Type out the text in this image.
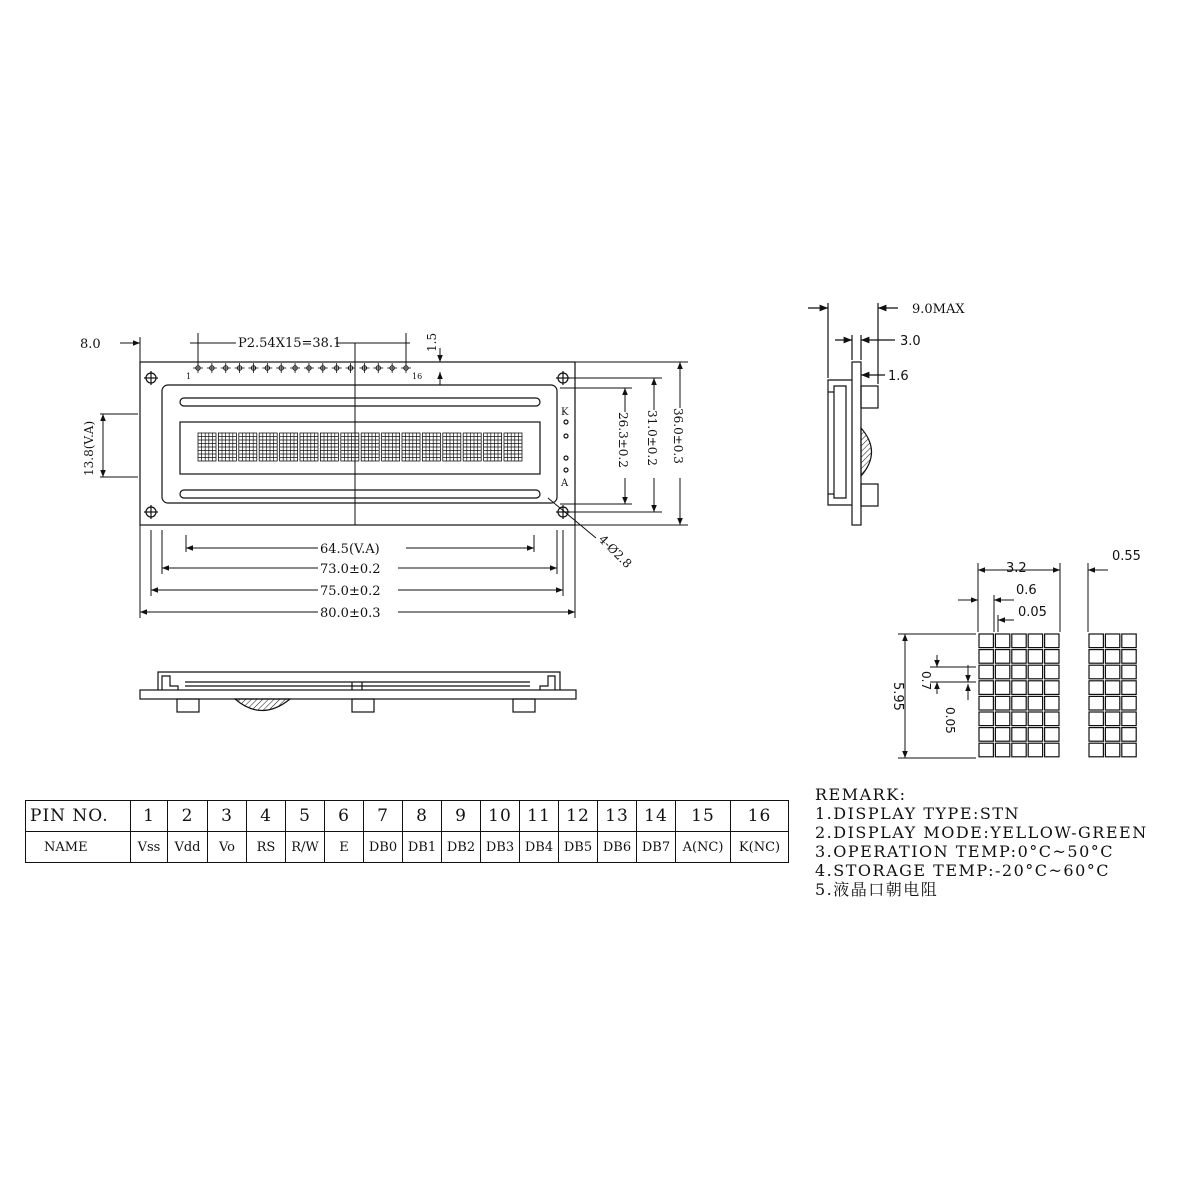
P2.54X15=38.1
8.0	1.5
1	16
13.8(V.A)	26.3±0.2 31.0±0.2 36.0±0.3
4-Ø2.8
K
A
64.5(V.A)
73.0±0.2
75.0±0.2
80.0±0.3
9.0MAX
3.0
1.6
3.2
0.6
0.05
0.55
5.95
0.7
0.05
PIN NO.	1	2	3	4	5	6	7	8	9	10	11	12	13	14	15	16
NAME	Vss	Vdd	Vo	RS	R/W	E	DB0	DB1	DB2	DB3	DB4	DB5	DB6	DB7	A(NC)	K(NC)
REMARK:
1.DISPLAY TYPE:STN
2.DISPLAY MODE:YELLOW-GREEN
3.OPERATION TEMP:0°C~50°C
4.STORAGE TEMP:-20°C~60°C
5.液晶口朝电阻
